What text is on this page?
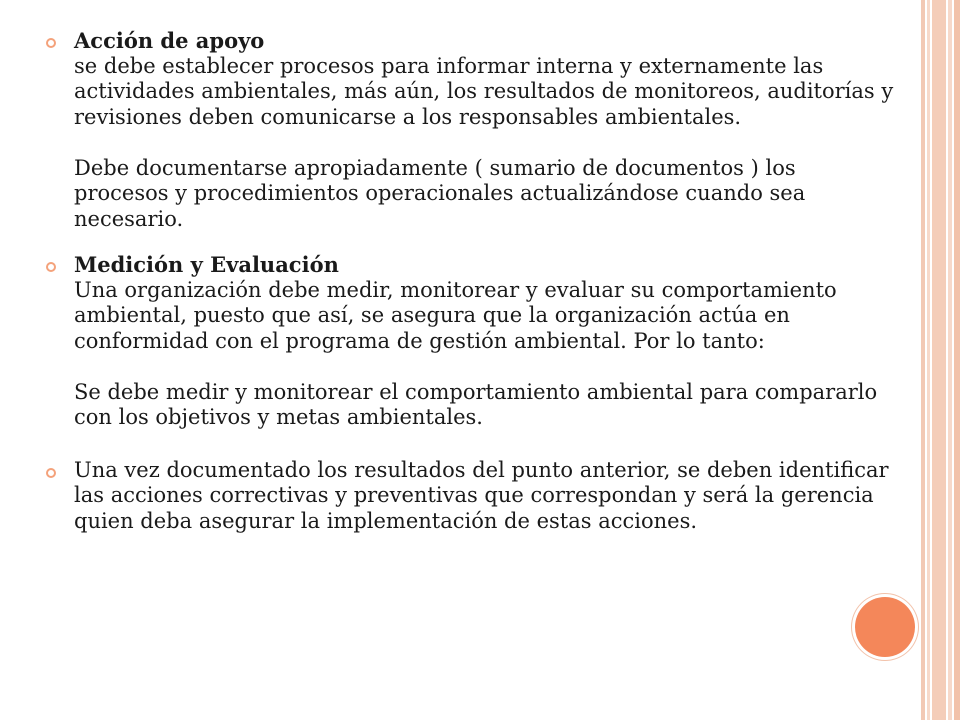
Acción de apoyo
se debe establecer procesos para informar interna y externamente las actividades ambientales, más aún, los resultados de monitoreos, auditorías y revisiones deben comunicarse a los responsables ambientales.

Debe documentarse apropiadamente ( sumario de documentos ) los procesos y procedimientos operacionales actualizándose cuando sea necesario.

Medición y Evaluación
Una organización debe medir, monitorear y evaluar su comportamiento ambiental, puesto que así, se asegura que la organización actúa en conformidad con el programa de gestión ambiental. Por lo tanto:

Se debe medir y monitorear el comportamiento ambiental para compararlo con los objetivos y metas ambientales.

Una vez documentado los resultados del punto anterior, se deben identificar las acciones correctivas y preventivas que correspondan y será la gerencia quien deba asegurar la implementación de estas acciones.
